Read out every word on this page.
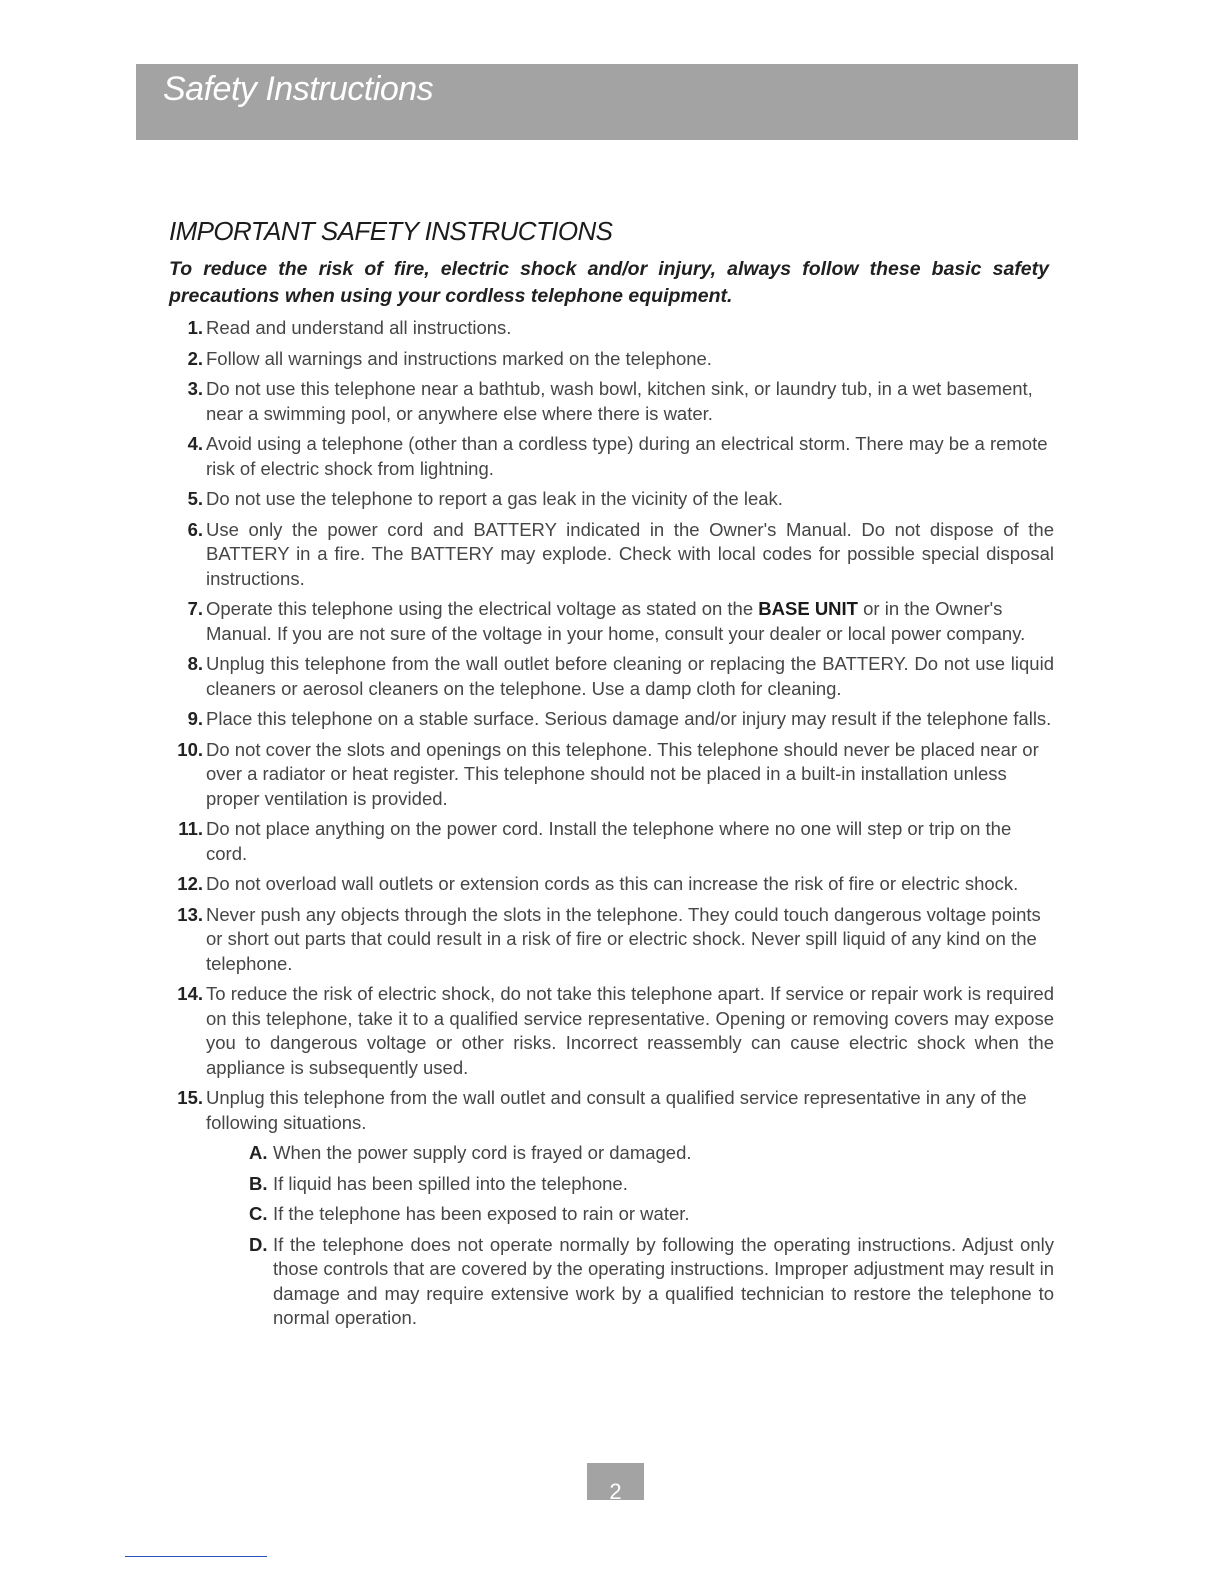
Safety Instructions
IMPORTANT SAFETY INSTRUCTIONS
To reduce the risk of fire, electric shock and/or injury, always follow these basic safety precautions when using your cordless telephone equipment.
1. Read and understand all instructions.
2. Follow all warnings and instructions marked on the telephone.
3. Do not use this telephone near a bathtub, wash bowl, kitchen sink, or laundry tub, in a wet basement, near a swimming pool, or anywhere else where there is water.
4. Avoid using a telephone (other than a cordless type) during an electrical storm. There may be a remote risk of electric shock from lightning.
5. Do not use the telephone to report a gas leak in the vicinity of the leak.
6. Use only the power cord and BATTERY indicated in the Owner's Manual. Do not dispose of the BATTERY in a fire. The BATTERY may explode. Check with local codes for possible special disposal instructions.
7. Operate this telephone using the electrical voltage as stated on the BASE UNIT or in the Owner's Manual. If you are not sure of the voltage in your home, consult your dealer or local power company.
8. Unplug this telephone from the wall outlet before cleaning or replacing the BATTERY. Do not use liquid cleaners or aerosol cleaners on the telephone. Use a damp cloth for cleaning.
9. Place this telephone on a stable surface. Serious damage and/or injury may result if the telephone falls.
10. Do not cover the slots and openings on this telephone. This telephone should never be placed near or over a radiator or heat register. This telephone should not be placed in a built-in installation unless proper ventilation is provided.
11. Do not place anything on the power cord. Install the telephone where no one will step or trip on the cord.
12. Do not overload wall outlets or extension cords as this can increase the risk of fire or electric shock.
13. Never push any objects through the slots in the telephone. They could touch dangerous voltage points or short out parts that could result in a risk of fire or electric shock. Never spill liquid of any kind on the telephone.
14. To reduce the risk of electric shock, do not take this telephone apart. If service or repair work is required on this telephone, take it to a qualified service representative. Opening or removing covers may expose you to dangerous voltage or other risks. Incorrect reassembly can cause electric shock when the appliance is subsequently used.
15. Unplug this telephone from the wall outlet and consult a qualified service representative in any of the following situations.
A. When the power supply cord is frayed or damaged.
B. If liquid has been spilled into the telephone.
C. If the telephone has been exposed to rain or water.
D. If the telephone does not operate normally by following the operating instructions. Adjust only those controls that are covered by the operating instructions. Improper adjustment may result in damage and may require extensive work by a qualified technician to restore the telephone to normal operation.
2
